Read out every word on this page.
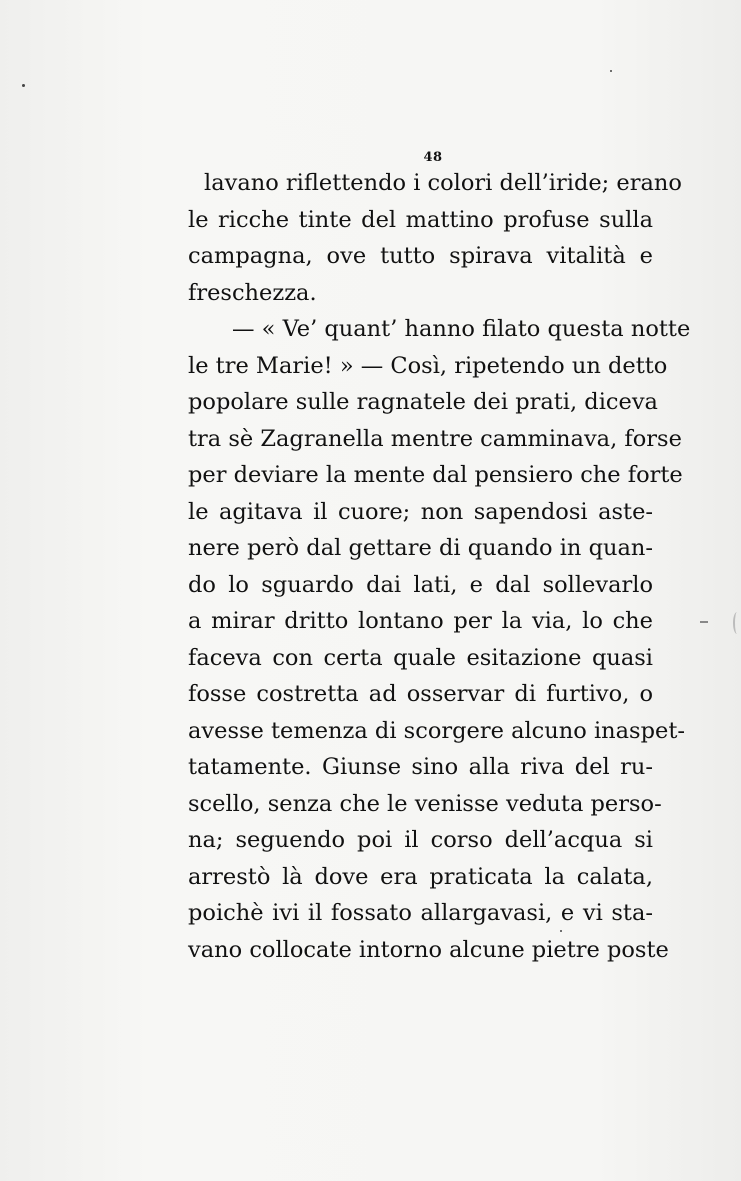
48
lavano riflettendo i colori dell’iride; erano
le ricche tinte del mattino profuse sulla
campagna, ove tutto spirava vitalità e
freschezza.
— « Ve’ quant’ hanno filato questa notte
le tre Marie! » — Così, ripetendo un detto
popolare sulle ragnatele dei prati, diceva
tra sè Zagranella mentre camminava, forse
per deviare la mente dal pensiero che forte
le agitava il cuore; non sapendosi aste-
nere però dal gettare di quando in quan-
do lo sguardo dai lati, e dal sollevarlo
a mirar dritto lontano per la via, lo che
faceva con certa quale esitazione quasi
fosse costretta ad osservar di furtivo, o
avesse temenza di scorgere alcuno inaspet-
tatamente. Giunse sino alla riva del ru-
scello, senza che le venisse veduta perso-
na; seguendo poi il corso dell’acqua si
arrestò là dove era praticata la calata,
poichè ivi il fossato allargavasi, e vi sta-
vano collocate intorno alcune pietre poste
